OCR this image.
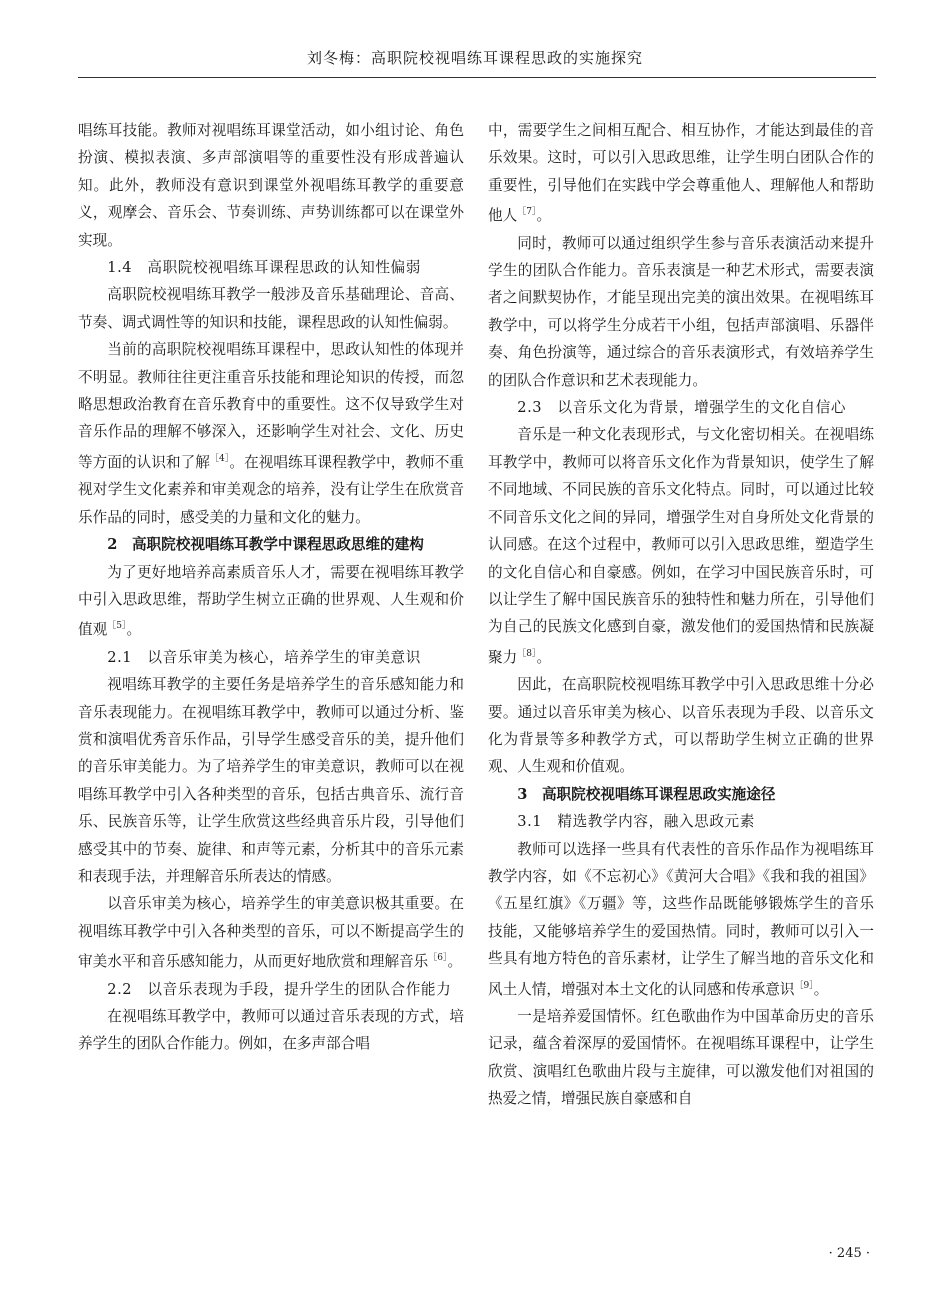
刘冬梅：高职院校视唱练耳课程思政的实施探究

唱练耳技能。教师对视唱练耳课堂活动，如小组讨论、角色扮演、模拟表演、多声部演唱等的重要性没有形成普遍认知。此外，教师没有意识到课堂外视唱练耳教学的重要意义，观摩会、音乐会、节奏训练、声势训练都可以在课堂外实现。

1.4  高职院校视唱练耳课程思政的认知性偏弱

高职院校视唱练耳教学一般涉及音乐基础理论、音高、节奏、调式调性等的知识和技能，课程思政的认知性偏弱。

当前的高职院校视唱练耳课程中，思政认知性的体现并不明显。教师往往更注重音乐技能和理论知识的传授，而忽略思想政治教育在音乐教育中的重要性。这不仅导致学生对音乐作品的理解不够深入，还影响学生对社会、文化、历史等方面的认识和了解$^{[4]}$。在视唱练耳课程教学中，教师不重视对学生文化素养和审美观念的培养，没有让学生在欣赏音乐作品的同时，感受美的力量和文化的魅力。

2  高职院校视唱练耳教学中课程思政思维的建构

为了更好地培养高素质音乐人才，需要在视唱练耳教学中引入思政思维，帮助学生树立正确的世界观、人生观和价值观$^{[5]}$。

2.1  以音乐审美为核心，培养学生的审美意识

视唱练耳教学的主要任务是培养学生的音乐感知能力和音乐表现能力。在视唱练耳教学中，教师可以通过分析、鉴赏和演唱优秀音乐作品，引导学生感受音乐的美，提升他们的音乐审美能力。为了培养学生的审美意识，教师可以在视唱练耳教学中引入各种类型的音乐，包括古典音乐、流行音乐、民族音乐等，让学生欣赏这些经典音乐片段，引导他们感受其中的节奏、旋律、和声等元素，分析其中的音乐元素和表现手法，并理解音乐所表达的情感。

以音乐审美为核心，培养学生的审美意识极其重要。在视唱练耳教学中引入各种类型的音乐，可以不断提高学生的审美水平和音乐感知能力，从而更好地欣赏和理解音乐$^{[6]}$。

2.2  以音乐表现为手段，提升学生的团队合作能力

在视唱练耳教学中，教师可以通过音乐表现的方式，培养学生的团队合作能力。例如，在多声部合唱

中，需要学生之间相互配合、相互协作，才能达到最佳的音乐效果。这时，可以引入思政思维，让学生明白团队合作的重要性，引导他们在实践中学会尊重他人、理解他人和帮助他人$^{[7]}$。

同时，教师可以通过组织学生参与音乐表演活动来提升学生的团队合作能力。音乐表演是一种艺术形式，需要表演者之间默契协作，才能呈现出完美的演出效果。在视唱练耳教学中，可以将学生分成若干小组，包括声部演唱、乐器伴奏、角色扮演等，通过综合的音乐表演形式，有效培养学生的团队合作意识和艺术表现能力。

2.3  以音乐文化为背景，增强学生的文化自信心

音乐是一种文化表现形式，与文化密切相关。在视唱练耳教学中，教师可以将音乐文化作为背景知识，使学生了解不同地域、不同民族的音乐文化特点。同时，可以通过比较不同音乐文化之间的异同，增强学生对自身所处文化背景的认同感。在这个过程中，教师可以引入思政思维，塑造学生的文化自信心和自豪感。例如，在学习中国民族音乐时，可以让学生了解中国民族音乐的独特性和魅力所在，引导他们为自己的民族文化感到自豪，激发他们的爱国热情和民族凝聚力$^{[8]}$。

因此，在高职院校视唱练耳教学中引入思政思维十分必要。通过以音乐审美为核心、以音乐表现为手段、以音乐文化为背景等多种教学方式，可以帮助学生树立正确的世界观、人生观和价值观。

3  高职院校视唱练耳课程思政实施途径

3.1  精选教学内容，融入思政元素

教师可以选择一些具有代表性的音乐作品作为视唱练耳教学内容，如《不忘初心》《黄河大合唱》《我和我的祖国》《五星红旗》《万疆》等，这些作品既能够锻炼学生的音乐技能，又能够培养学生的爱国热情。同时，教师可以引入一些具有地方特色的音乐素材，让学生了解当地的音乐文化和风土人情，增强对本土文化的认同感和传承意识$^{[9]}$。

一是培养爱国情怀。红色歌曲作为中国革命历史的音乐记录，蕴含着深厚的爱国情怀。在视唱练耳课程中，让学生欣赏、演唱红色歌曲片段与主旋律，可以激发他们对祖国的热爱之情，增强民族自豪感和自

· 245 ·
